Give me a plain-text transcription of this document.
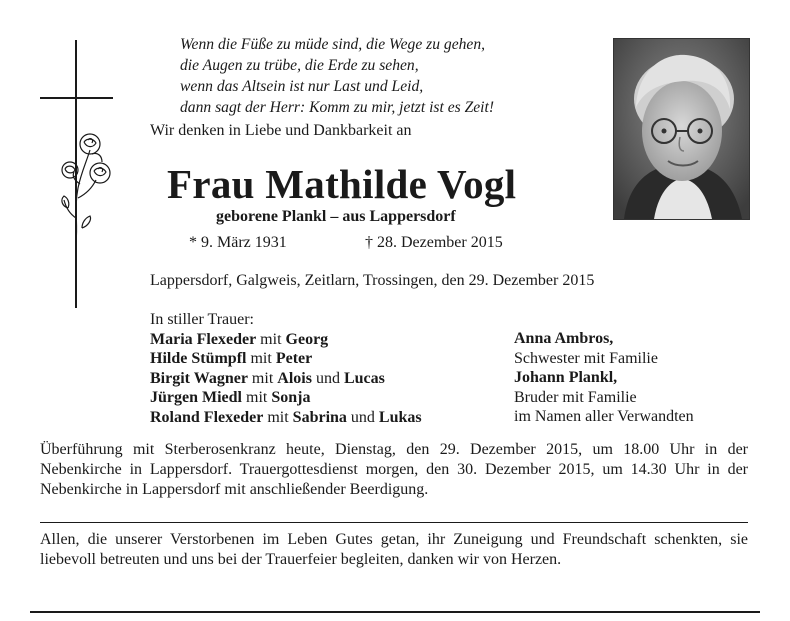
Wenn die Füße zu müde sind, die Wege zu gehen,
die Augen zu trübe, die Erde zu sehen,
wenn das Altsein ist nur Last und Leid,
dann sagt der Herr: Komm zu mir, jetzt ist es Zeit!
Wir denken in Liebe und Dankbarkeit an
Frau Mathilde Vogl
geborene Plankl – aus Lappersdorf
* 9. März 1931	† 28. Dezember 2015
Lappersdorf, Galgweis, Zeitlarn, Trossingen, den 29. Dezember 2015
In stiller Trauer:
Maria Flexeder mit Georg
Hilde Stümpfl mit Peter
Birgit Wagner mit Alois und Lucas
Jürgen Miedl mit Sonja
Roland Flexeder mit Sabrina und Lukas
Anna Ambros,
Schwester mit Familie
Johann Plankl,
Bruder mit Familie
im Namen aller Verwandten
Überführung mit Sterberosenkranz heute, Dienstag, den 29. Dezember 2015, um 18.00 Uhr in der Nebenkirche in Lappersdorf. Trauergottesdienst morgen, den 30. Dezember 2015, um 14.30 Uhr in der Nebenkirche in Lappersdorf mit anschließender Beerdigung.
Allen, die unserer Verstorbenen im Leben Gutes getan, ihr Zuneigung und Freundschaft schenkten, sie liebevoll betreuten und uns bei der Trauerfeier begleiten, danken wir von Herzen.
